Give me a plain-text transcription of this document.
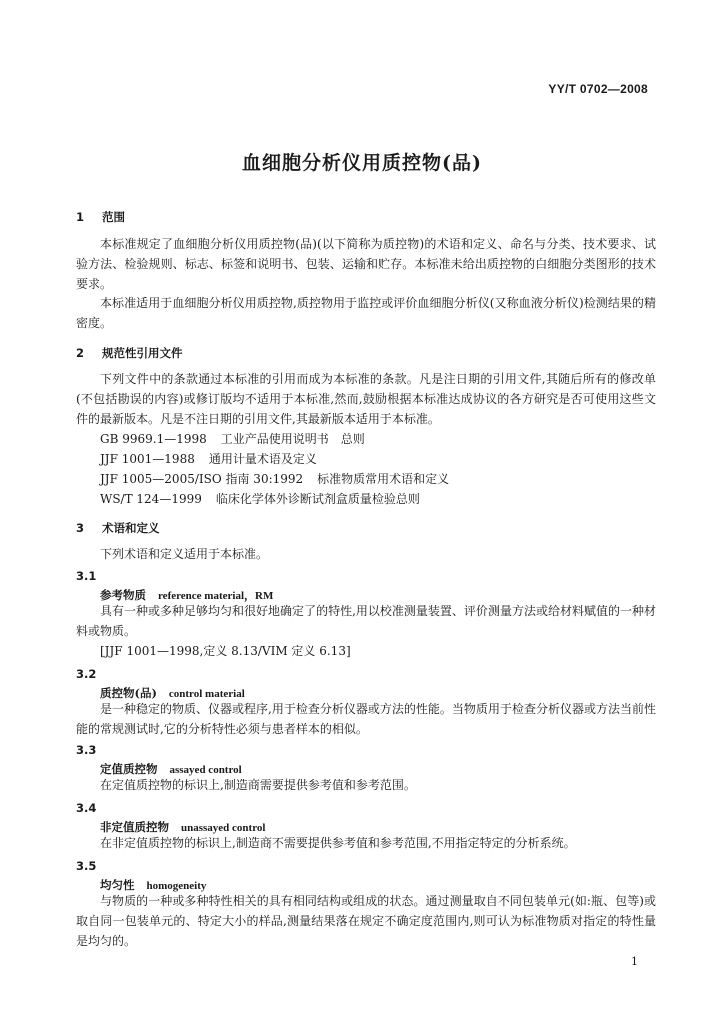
YY/T 0702—2008
血细胞分析仪用质控物(品)
1 范围
本标准规定了血细胞分析仪用质控物(品)(以下简称为质控物)的术语和定义、命名与分类、技术要求、试验方法、检验规则、标志、标签和说明书、包装、运输和贮存。本标准未给出质控物的白细胞分类图形的技术要求。
本标准适用于血细胞分析仪用质控物,质控物用于监控或评价血细胞分析仪(又称血液分析仪)检测结果的精密度。
2 规范性引用文件
下列文件中的条款通过本标准的引用而成为本标准的条款。凡是注日期的引用文件,其随后所有的修改单(不包括勘误的内容)或修订版均不适用于本标准,然而,鼓励根据本标准达成协议的各方研究是否可使用这些文件的最新版本。凡是不注日期的引用文件,其最新版本适用于本标准。
GB 9969.1—1998 工业产品使用说明书　总则
JJF 1001—1988 通用计量术语及定义
JJF 1005—2005/ISO 指南 30:1992 标准物质常用术语和定义
WS/T 124—1999 临床化学体外诊断试剂盒质量检验总则
3 术语和定义
下列术语和定义适用于本标准。
3.1
参考物质 reference material，RM
具有一种或多种足够均匀和很好地确定了的特性,用以校准测量装置、评价测量方法或给材料赋值的一种材料或物质。
[JJF 1001—1998,定义 8.13/VIM 定义 6.13]
3.2
质控物(品) control material
是一种稳定的物质、仪器或程序,用于检查分析仪器或方法的性能。当物质用于检查分析仪器或方法当前性能的常规测试时,它的分析特性必须与患者样本的相似。
3.3
定值质控物 assayed control
在定值质控物的标识上,制造商需要提供参考值和参考范围。
3.4
非定值质控物 unassayed control
在非定值质控物的标识上,制造商不需要提供参考值和参考范围,不用指定特定的分析系统。
3.5
均匀性 homogeneity
与物质的一种或多种特性相关的具有相同结构或组成的状态。通过测量取自不同包装单元(如:瓶、包等)或取自同一包装单元的、特定大小的样品,测量结果落在规定不确定度范围内,则可认为标准物质对指定的特性量是均匀的。
1
